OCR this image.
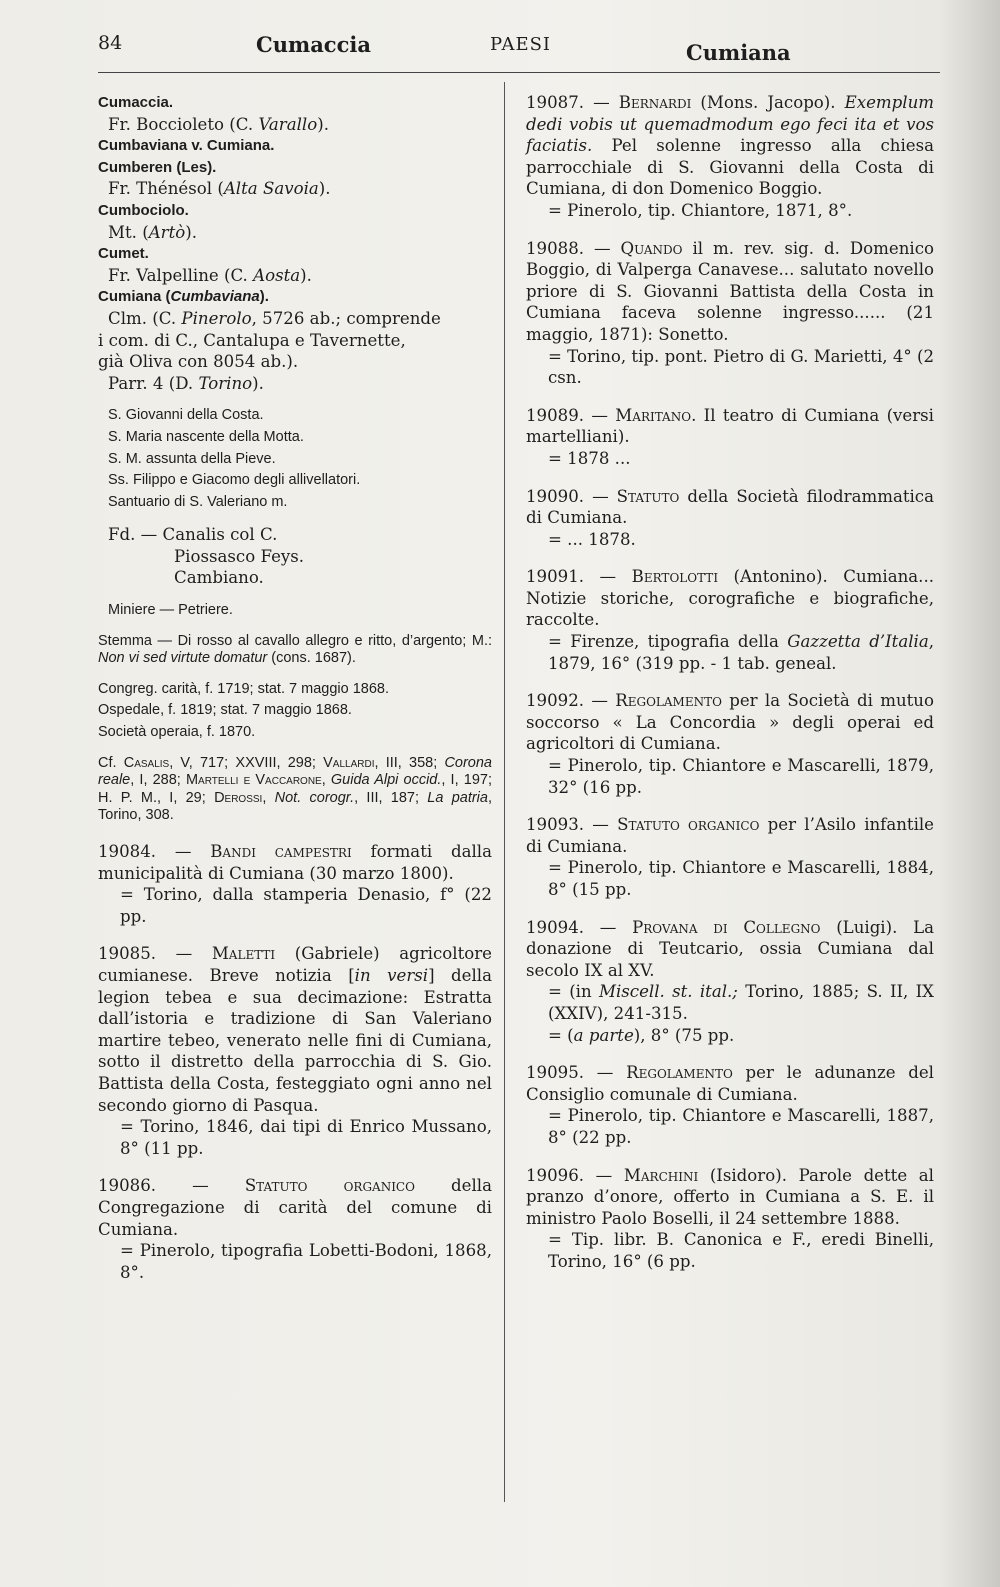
84	Cumaccia	PAESI	Cumiana

Cumaccia.

Fr. Boccioleto (C. Varallo).

Cumbaviana v. Cumiana.

Cumberen (Les).

Fr. Thénésol (Alta Savoia).

Cumbociolo.

Mt. (Artò).

Cumet.

Fr. Valpelline (C. Aosta).

Cumiana (Cumbaviana).

Clm. (C. Pinerolo, 5726 ab.; comprende

i com. di C., Cantalupa e Tavernette,

già Oliva con 8054 ab.).

Parr. 4 (D. Torino).

S. Giovanni della Costa.

S. Maria nascente della Motta.

S. M. assunta della Pieve.

Ss. Filippo e Giacomo degli allivellatori.

Santuario di S. Valeriano m.

Fd. — Canalis col C.

Piossasco Feys.

Cambiano.

Miniere — Petriere.

Stemma — Di rosso al cavallo allegro e ritto, d’argento; M.: Non vi sed virtute domatur (cons. 1687).

Congreg. carità, f. 1719; stat. 7 maggio 1868.

Ospedale, f. 1819; stat. 7 maggio 1868.

Società operaia, f. 1870.

Cf. Casalis, V, 717; XXVIII, 298; Vallardi, III, 358; Corona reale, I, 288; Martelli e Vaccarone, Guida Alpi occid., I, 197; H. P. M., I, 29; Derossi, Not. corogr., III, 187; La patria, Torino, 308.

19084. — Bandi campestri formati dalla municipalità di Cumiana (30 marzo 1800).

= Torino, dalla stamperia Denasio, f° (22 pp.

19085. — Maletti (Gabriele) agricoltore cumianese. Breve notizia [in versi] della legion tebea e sua decimazione: Estratta dall’istoria e tradizione di San Valeriano martire tebeo, venerato nelle fini di Cumiana, sotto il distretto della parrocchia di S. Gio. Battista della Costa, festeggiato ogni anno nel secondo giorno di Pasqua.

= Torino, 1846, dai tipi di Enrico Mussano, 8° (11 pp.

19086. — Statuto organico della Congregazione di carità del comune di Cumiana.

= Pinerolo, tipografia Lobetti-Bodoni, 1868, 8°.

19087. — Bernardi (Mons. Jacopo). Exemplum dedi vobis ut quemadmodum ego feci ita et vos faciatis. Pel solenne ingresso alla chiesa parrocchiale di S. Giovanni della Costa di Cumiana, di don Domenico Boggio.

= Pinerolo, tip. Chiantore, 1871, 8°.

19088. — Quando il m. rev. sig. d. Domenico Boggio, di Valperga Canavese... salutato novello priore di S. Giovanni Battista della Costa in Cumiana faceva solenne ingresso...... (21 maggio, 1871): Sonetto.

= Torino, tip. pont. Pietro di G. Marietti, 4° (2 csn.

19089. — Maritano. Il teatro di Cumiana (versi martelliani).

= 1878 ...

19090. — Statuto della Società filodrammatica di Cumiana.

= ... 1878.

19091. — Bertolotti (Antonino). Cumiana... Notizie storiche, corografiche e biografiche, raccolte.

= Firenze, tipografia della Gazzetta d’Italia, 1879, 16° (319 pp. - 1 tab. geneal.

19092. — Regolamento per la Società di mutuo soccorso « La Concordia » degli operai ed agricoltori di Cumiana.

= Pinerolo, tip. Chiantore e Mascarelli, 1879, 32° (16 pp.

19093. — Statuto organico per l’Asilo infantile di Cumiana.

= Pinerolo, tip. Chiantore e Mascarelli, 1884, 8° (15 pp.

19094. — Provana di Collegno (Luigi). La donazione di Teutcario, ossia Cumiana dal secolo IX al XV.

= (in Miscell. st. ital.; Torino, 1885; S. II, IX (XXIV), 241-315.

= (a parte), 8° (75 pp.

19095. — Regolamento per le adunanze del Consiglio comunale di Cumiana.

= Pinerolo, tip. Chiantore e Mascarelli, 1887, 8° (22 pp.

19096. — Marchini (Isidoro). Parole dette al pranzo d’onore, offerto in Cumiana a S. E. il ministro Paolo Boselli, il 24 settembre 1888.

= Tip. libr. B. Canonica e F., eredi Binelli, Torino, 16° (6 pp.
